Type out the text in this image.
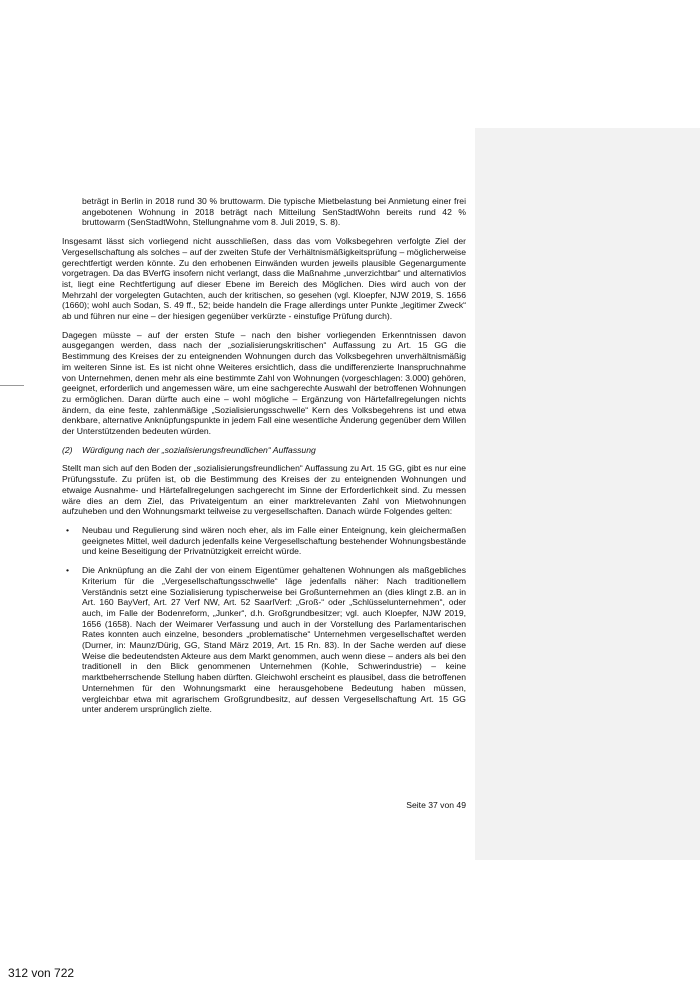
beträgt in Berlin in 2018 rund 30 % bruttowarm. Die typische Mietbelastung bei Anmietung einer frei angebotenen Wohnung in 2018 beträgt nach Mitteilung SenStadtWohn bereits rund 42 % bruttowarm (SenStadtWohn, Stellungnahme vom 8. Juli 2019, S. 8).

Insgesamt lässt sich vorliegend nicht ausschließen, dass das vom Volksbegehren verfolgte Ziel der Vergesellschaftung als solches – auf der zweiten Stufe der Verhältnismäßigkeitsprüfung – möglicherweise gerechtfertigt werden könnte. Zu den erhobenen Einwänden wurden jeweils plausible Gegenargumente vorgetragen. Da das BVerfG insofern nicht verlangt, dass die Maßnahme „unverzichtbar“ und alternativlos ist, liegt eine Rechtfertigung auf dieser Ebene im Bereich des Möglichen. Dies wird auch von der Mehrzahl der vorgelegten Gutachten, auch der kritischen, so gesehen (vgl. Kloepfer, NJW 2019, S. 1656 (1660); wohl auch Sodan, S. 49 ff., 52; beide handeln die Frage allerdings unter Punkte „legitimer Zweck“ ab und führen nur eine – der hiesigen gegenüber verkürzte - einstufige Prüfung durch).

Dagegen müsste – auf der ersten Stufe – nach den bisher vorliegenden Erkenntnissen davon ausgegangen werden, dass nach der „sozialisierungskritischen“ Auffassung zu Art. 15 GG die Bestimmung des Kreises der zu enteignenden Wohnungen durch das Volksbegehren unverhältnismäßig im weiteren Sinne ist. Es ist nicht ohne Weiteres ersichtlich, dass die undifferenzierte Inanspruchnahme von Unternehmen, denen mehr als eine bestimmte Zahl von Wohnungen (vorgeschlagen: 3.000) gehören, geeignet, erforderlich und angemessen wäre, um eine sachgerechte Auswahl der betroffenen Wohnungen zu ermöglichen. Daran dürfte auch eine – wohl mögliche – Ergänzung von Härtefallregelungen nichts ändern, da eine feste, zahlenmäßige „Sozialisierungsschwelle“ Kern des Volksbegehrens ist und etwa denkbare, alternative Anknüpfungspunkte in jedem Fall eine wesentliche Änderung gegenüber dem Willen der Unterstützenden bedeuten würden.

(2)	Würdigung nach der „sozialisierungsfreundlichen“ Auffassung

Stellt man sich auf den Boden der „sozialisierungsfreundlichen“ Auffassung zu Art. 15 GG, gibt es nur eine Prüfungsstufe. Zu prüfen ist, ob die Bestimmung des Kreises der zu enteignenden Wohnungen und etwaige Ausnahme- und Härtefallregelungen sachgerecht im Sinne der Erforderlichkeit sind. Zu messen wäre dies an dem Ziel, das Privateigentum an einer marktrelevanten Zahl von Mietwohnungen aufzuheben und den Wohnungsmarkt teilweise zu vergesellschaften. Danach würde Folgendes gelten:

• Neubau und Regulierung sind wären noch eher, als im Falle einer Enteignung, kein gleichermaßen geeignetes Mittel, weil dadurch jedenfalls keine Vergesellschaftung bestehender Wohnungsbestände und keine Beseitigung der Privatnützigkeit erreicht würde.
• Die Anknüpfung an die Zahl der von einem Eigentümer gehaltenen Wohnungen als maßgebliches Kriterium für die „Vergesellschaftungsschwelle“ läge jedenfalls näher: Nach traditionellem Verständnis setzt eine Sozialisierung typischerweise bei Großunternehmen an (dies klingt z.B. an in Art. 160 BayVerf, Art. 27 Verf NW, Art. 52 SaarlVerf: „Groß-“ oder „Schlüsselunternehmen“, oder auch, im Falle der Bodenreform, „Junker“, d.h. Großgrundbesitzer; vgl. auch Kloepfer, NJW 2019, 1656 (1658). Nach der Weimarer Verfassung und auch in der Vorstellung des Parlamentarischen Rates konnten auch einzelne, besonders „problematische“ Unternehmen vergesellschaftet werden (Durner, in: Maunz/Dürig, GG, Stand März 2019, Art. 15 Rn. 83). In der Sache werden auf diese Weise die bedeutendsten Akteure aus dem Markt genommen, auch wenn diese – anders als bei den traditionell in den Blick genommenen Unternehmen (Kohle, Schwerindustrie) – keine marktbeherrschende Stellung haben dürften. Gleichwohl erscheint es plausibel, dass die betroffenen Unternehmen für den Wohnungsmarkt eine herausgehobene Bedeutung haben müssen, vergleichbar etwa mit agrarischem Großgrundbesitz, auf dessen Vergesellschaftung Art. 15 GG unter anderem ursprünglich zielte.
Seite 37 von 49
312 von 722
